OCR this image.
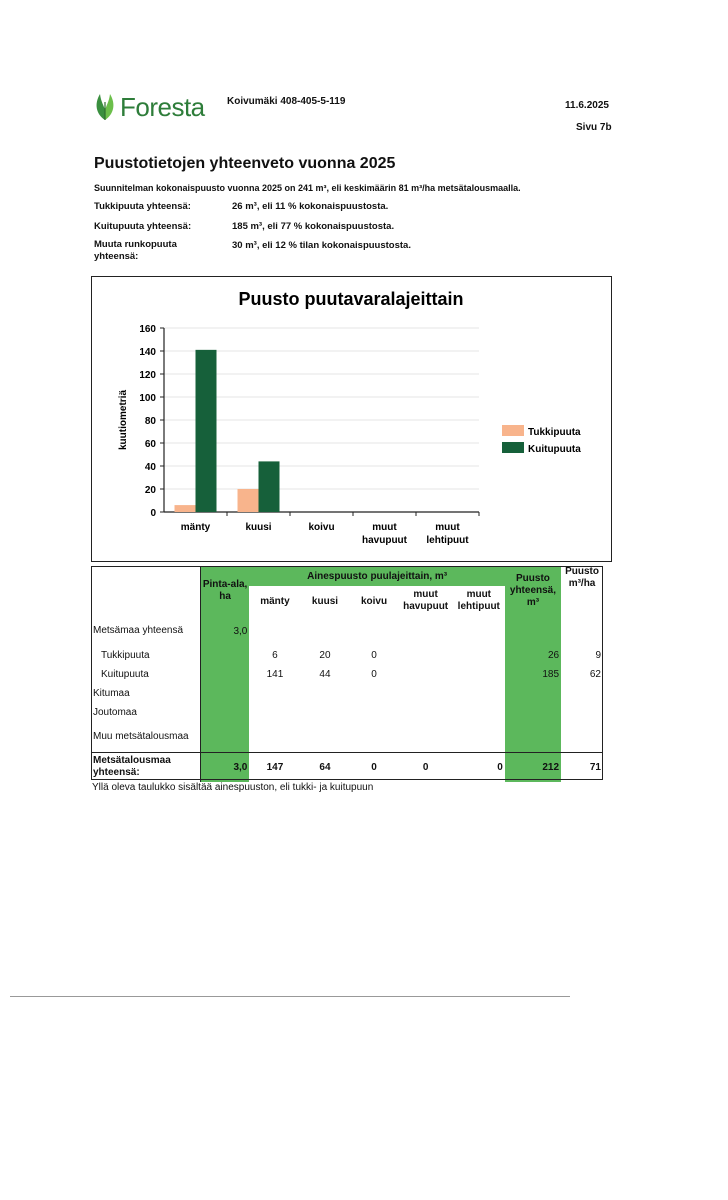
Foresta Koivumäki 408-405-5-119	11.6.2025
Sivu 7b
Puustotietojen yhteenveto vuonna 2025
Suunnitelman kokonaispuusto vuonna 2025 on 241 m³, eli keskimäärin 81 m³/ha metsätalousmaalla.
Tukkipuuta yhteensä:	26 m³, eli 11 % kokonaispuustosta.
Kuitupuuta yhteensä:	185 m³, eli 77 % kokonaispuustosta.
Muuta runkopuuta yhteensä:
30 m³, eli 12 % tilan kokonaispuustosta.
Puusto puutavaralajeittain
0
20
40
60
80
100
120
140
160
kuutiometriä
mänty	kuusi	koivu	muut
havupuut
muut
lehtipuut
Tukkipuuta
Kuitupuuta
	Pinta-ala, ha	Ainespuusto puulajeittain, m³					Puusto yhteensä, m³	Puusto m³/ha
		mänty	kuusi	koivu	muut havupuut	muut lehtipuut		
Metsämaa yhteensä	3,0							
Tukkipuuta		6	20	0			26	9
Kuitupuuta		141	44	0			185	62
Kitumaa								
Joutomaa								
Muu metsätalousmaa								
Metsätalousmaa yhteensä:	3,0	147	64	0	0	0	212	71
Yllä oleva taulukko sisältää ainespuuston, eli tukki- ja kuitupuun
